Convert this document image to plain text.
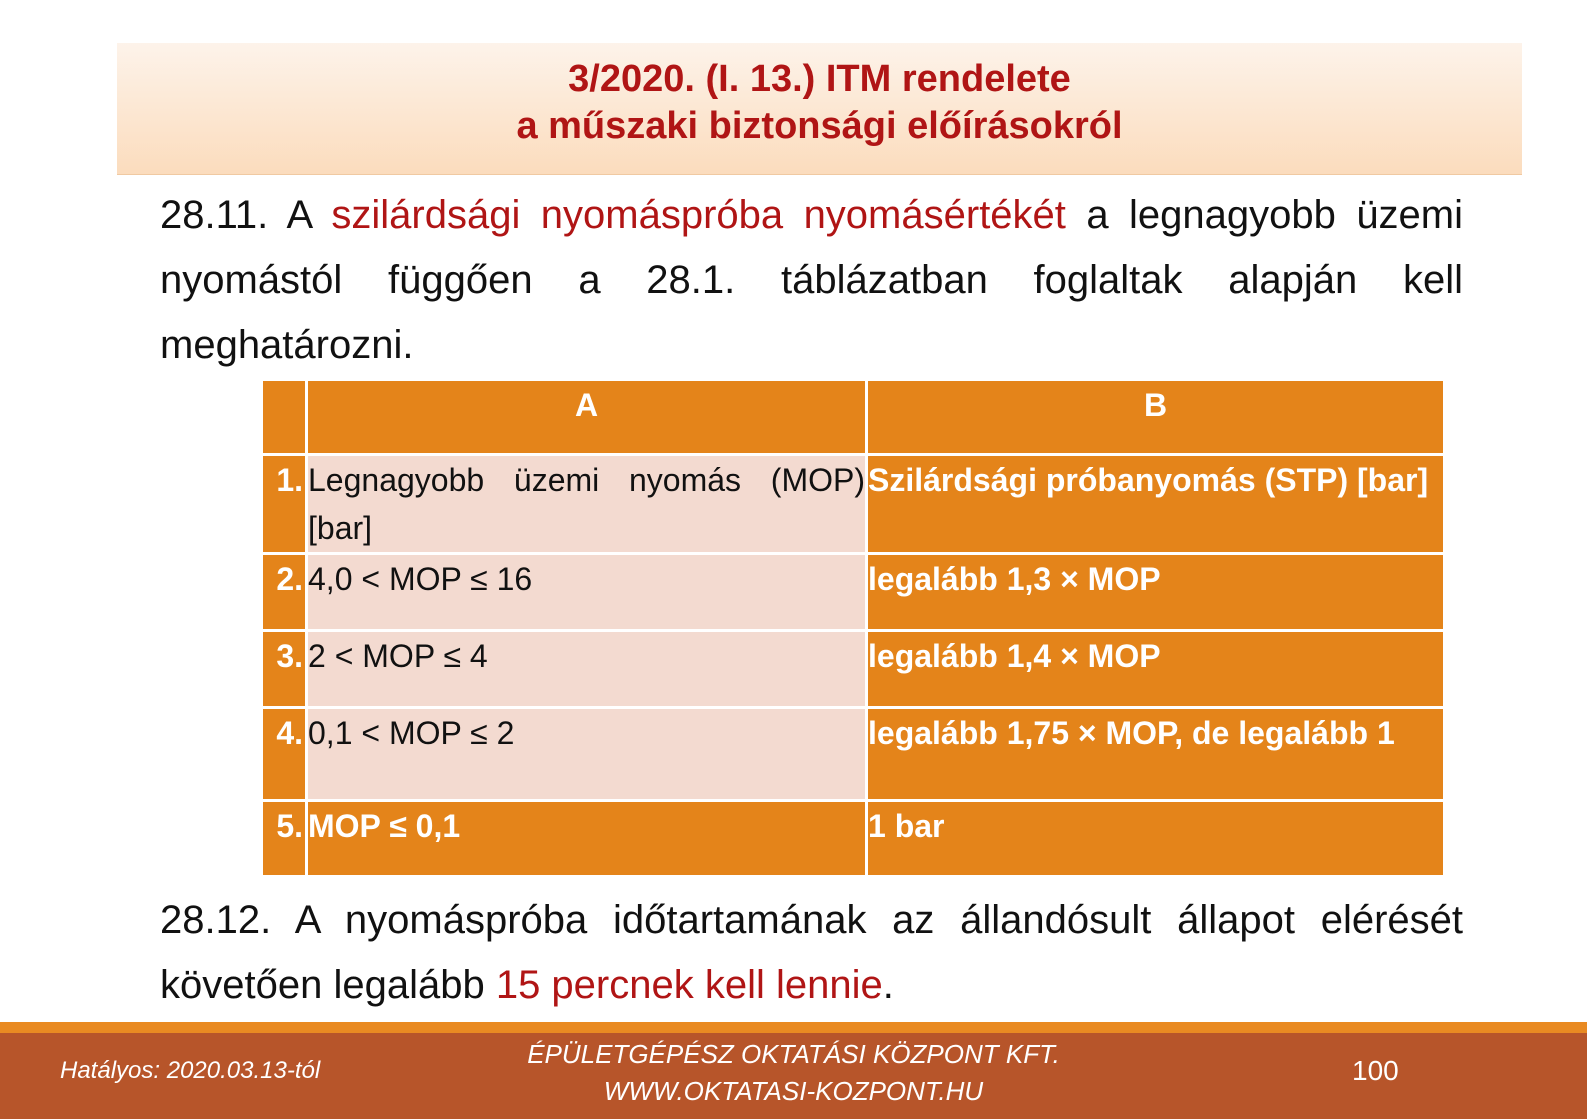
3/2020. (I. 13.) ITM rendelete
a műszaki biztonsági előírásokról
28.11. A szilárdsági nyomáspróba nyomásértékét a legnagyobb üzemi nyomástól függően a 28.1. táblázatban foglaltak alapján kell meghatározni.
	A	B
1.	Legnagyobb üzemi nyomás (MOP) [bar]	Szilárdsági próbanyomás (STP) [bar]
2.	4,0 < MOP ≤ 16	legalább 1,3 × MOP
3.	2 < MOP ≤ 4	legalább 1,4 × MOP
4.	0,1 < MOP ≤ 2	legalább 1,75 × MOP, de legalább 1
5.	MOP ≤ 0,1	1 bar
28.12. A nyomáspróba időtartamának az állandósult állapot elérését követően legalább 15 percnek kell lennie.
Hatályos: 2020.03.13-tól
ÉPÜLETGÉPÉSZ OKTATÁSI KÖZPONT KFT.
WWW.OKTATASI-KOZPONT.HU
100
